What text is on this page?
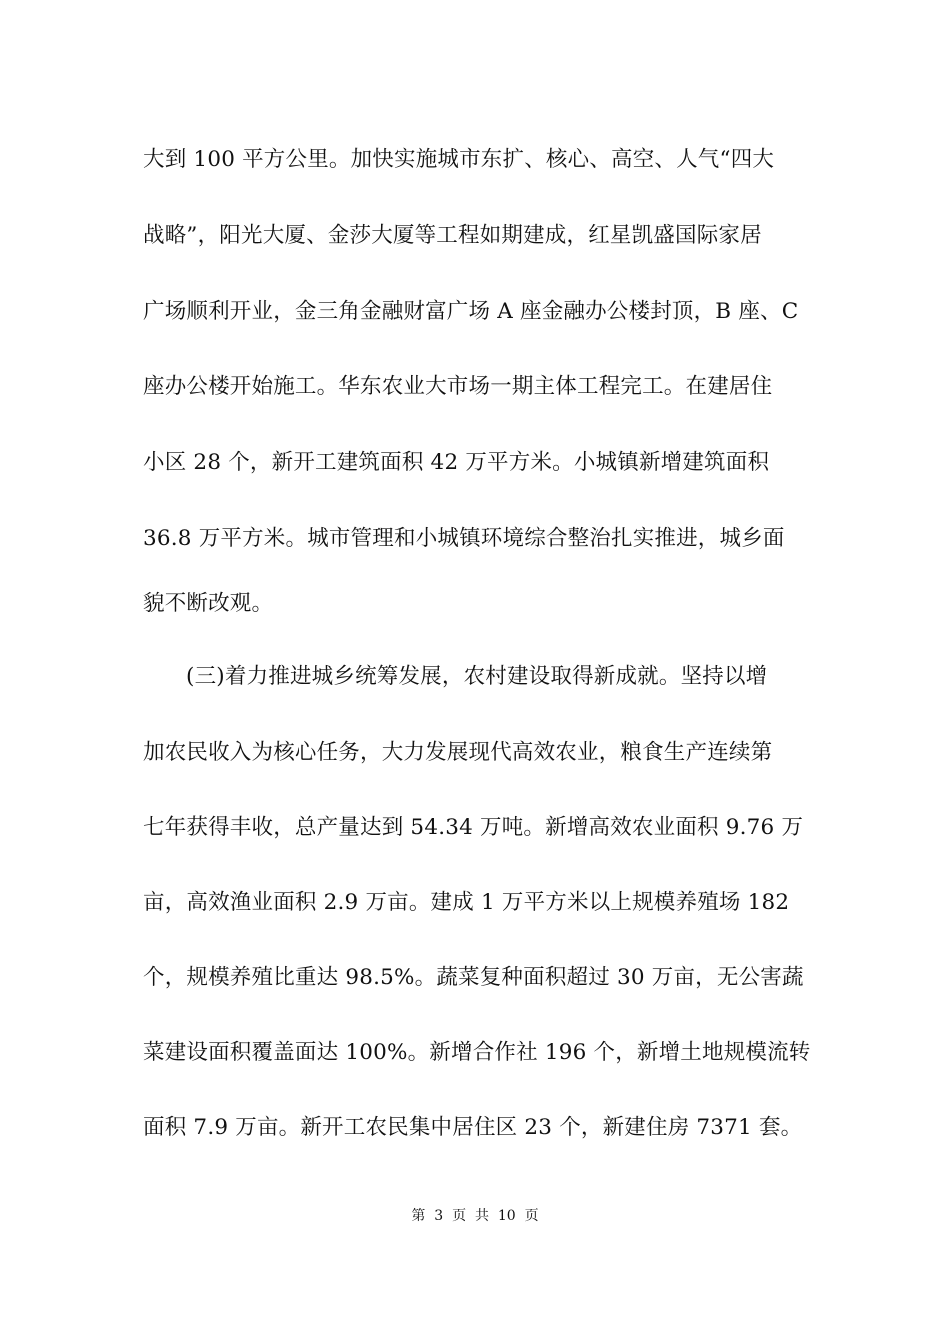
大到 100 平方公里。加快实施城市东扩、核心、高空、人气“四大
战略”，阳光大厦、金莎大厦等工程如期建成，红星凯盛国际家居
广场顺利开业，金三角金融财富广场 A 座金融办公楼封顶，B 座、C
座办公楼开始施工。华东农业大市场一期主体工程完工。在建居住
小区 28 个，新开工建筑面积 42 万平方米。小城镇新增建筑面积
36.8 万平方米。城市管理和小城镇环境综合整治扎实推进，城乡面
貌不断改观。
(三)着力推进城乡统筹发展，农村建设取得新成就。坚持以增
加农民收入为核心任务，大力发展现代高效农业，粮食生产连续第
七年获得丰收，总产量达到 54.34 万吨。新增高效农业面积 9.76 万
亩，高效渔业面积 2.9 万亩。建成 1 万平方米以上规模养殖场 182
个，规模养殖比重达 98.5%。蔬菜复种面积超过 30 万亩，无公害蔬
菜建设面积覆盖面达 100%。新增合作社 196 个，新增土地规模流转
面积 7.9 万亩。新开工农民集中居住区 23 个，新建住房 7371 套。
第  3  页  共  10  页
